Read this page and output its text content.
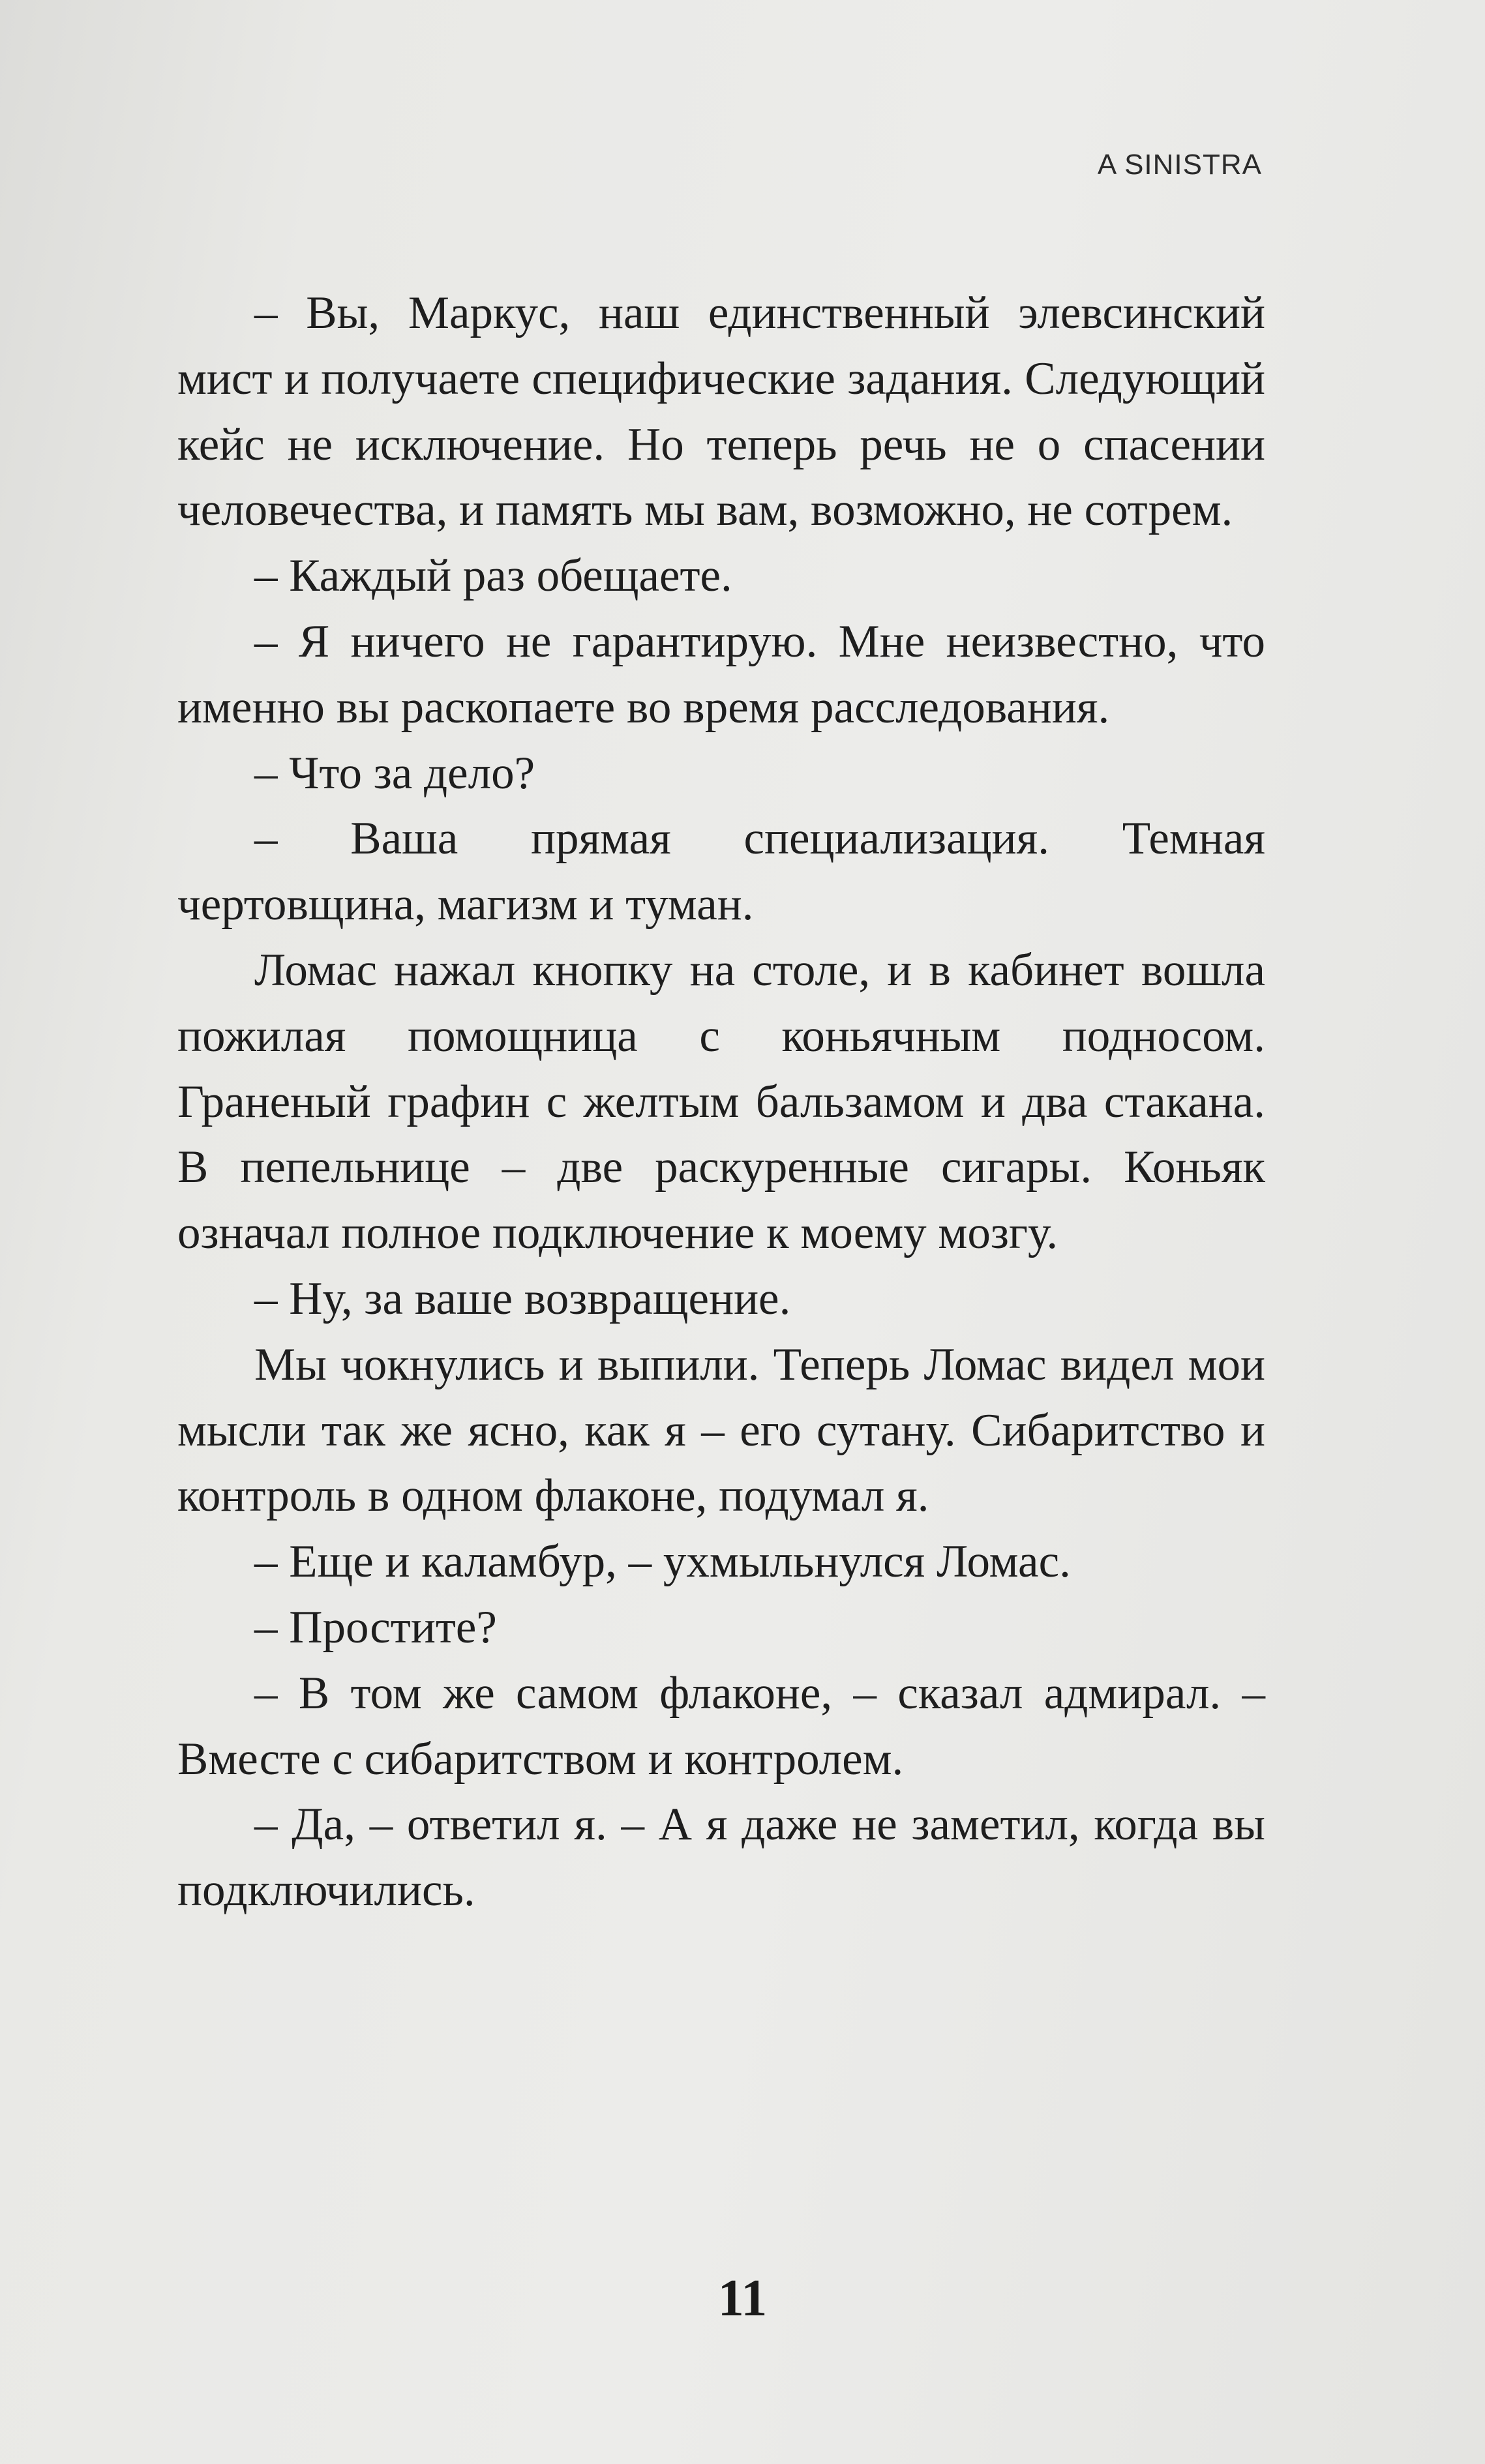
A SINISTRA

– Вы, Маркус, наш единственный элевсинский мист и получаете специфические задания. Следующий кейс не исключение. Но теперь речь не о спасении человечества, и память мы вам, возможно, не сотрем.

– Каждый раз обещаете.

– Я ничего не гарантирую. Мне неизвестно, что именно вы раскопаете во время расследования.

– Что за дело?

– Ваша прямая специализация. Темная чертовщина, магизм и туман.

Ломас нажал кнопку на столе, и в кабинет вошла пожилая помощница с коньячным подносом. Граненый графин с желтым бальзамом и два стакана. В пепельнице – две раскуренные сигары. Коньяк означал полное подключение к моему мозгу.

– Ну, за ваше возвращение.

Мы чокнулись и выпили. Теперь Ломас видел мои мысли так же ясно, как я – его сутану. Сибаритство и контроль в одном флаконе, подумал я.

– Еще и каламбур, – ухмыльнулся Ломас.

– Простите?

– В том же самом флаконе, – сказал адмирал. – Вместе с сибаритством и контролем.

– Да, – ответил я. – А я даже не заметил, когда вы подключились.

11
